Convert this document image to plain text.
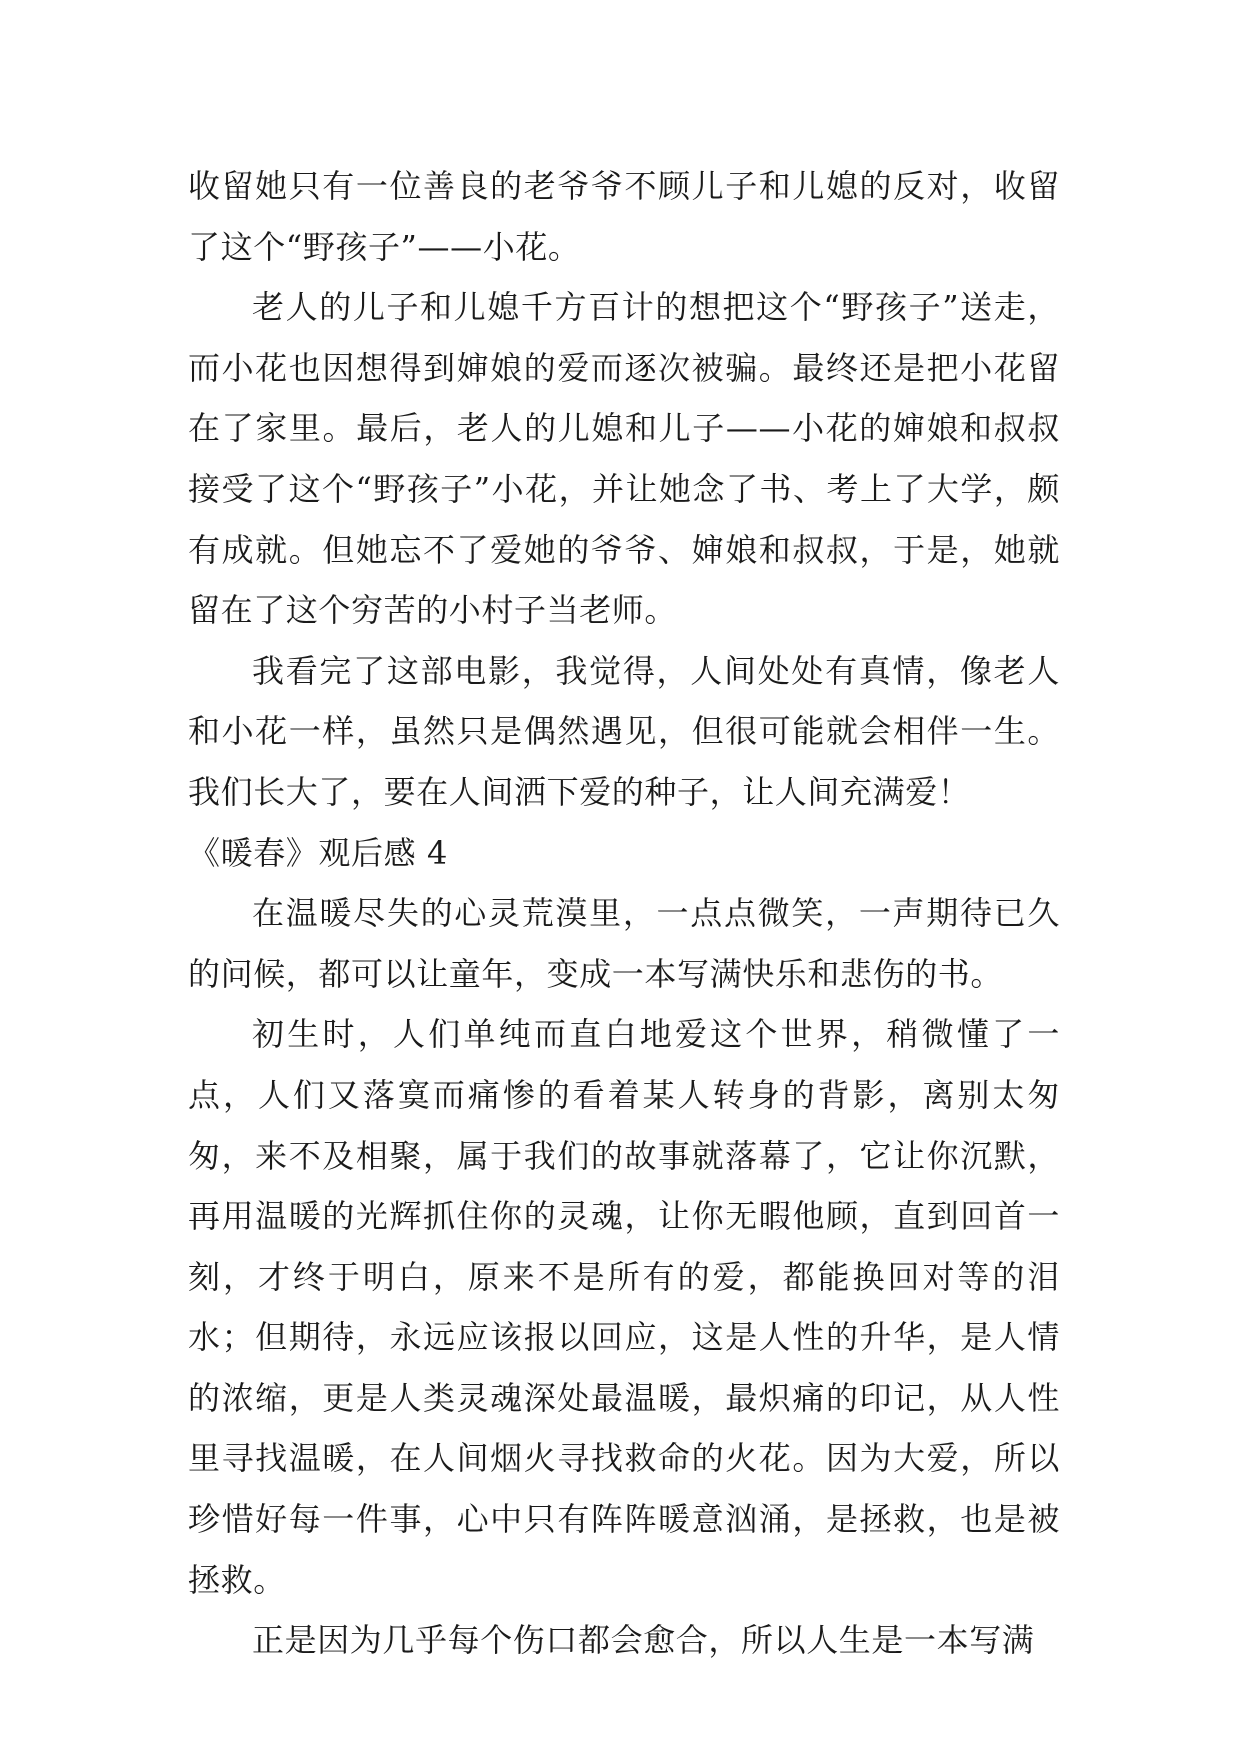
收留她只有一位善良的老爷爷不顾儿子和儿媳的反对，收留了这个“野孩子”——小花。

老人的儿子和儿媳千方百计的想把这个“野孩子”送走，而小花也因想得到婶娘的爱而逐次被骗。最终还是把小花留在了家里。最后，老人的儿媳和儿子——小花的婶娘和叔叔接受了这个“野孩子”小花，并让她念了书、考上了大学，颇有成就。但她忘不了爱她的爷爷、婶娘和叔叔，于是，她就留在了这个穷苦的小村子当老师。

我看完了这部电影，我觉得，人间处处有真情，像老人和小花一样，虽然只是偶然遇见，但很可能就会相伴一生。我们长大了，要在人间洒下爱的种子，让人间充满爱！

《暖春》观后感 4

在温暖尽失的心灵荒漠里，一点点微笑，一声期待已久的问候，都可以让童年，变成一本写满快乐和悲伤的书。

初生时，人们单纯而直白地爱这个世界，稍微懂了一点，人们又落寞而痛惨的看着某人转身的背影，离别太匆匆，来不及相聚，属于我们的故事就落幕了，它让你沉默，再用温暖的光辉抓住你的灵魂，让你无暇他顾，直到回首一刻，才终于明白，原来不是所有的爱，都能换回对等的泪水；但期待，永远应该报以回应，这是人性的升华，是人情的浓缩，更是人类灵魂深处最温暖，最炽痛的印记，从人性里寻找温暖，在人间烟火寻找救命的火花。因为大爱，所以珍惜好每一件事，心中只有阵阵暖意汹涌，是拯救，也是被拯救。

正是因为几乎每个伤口都会愈合，所以人生是一本写满
